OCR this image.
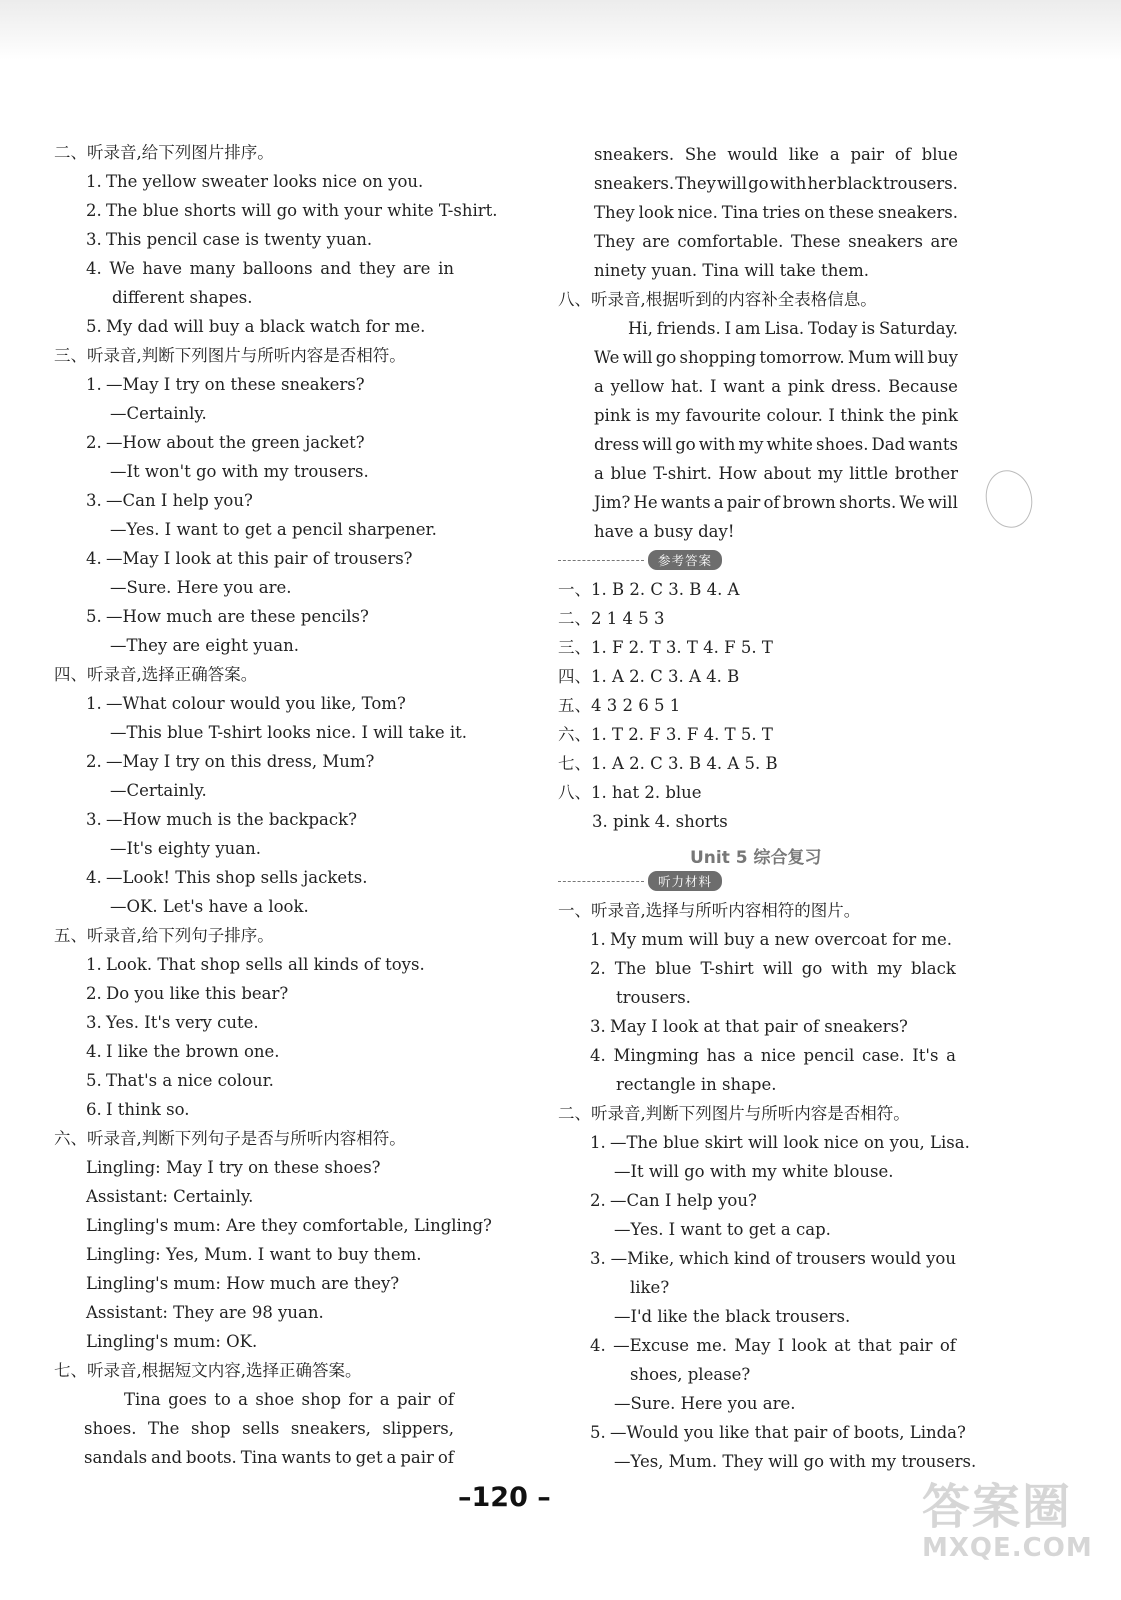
二、听录音,给下列图片排序。
1. The yellow sweater looks nice on you.
2. The blue shorts will go with your white T-shirt.
3. This pencil case is twenty yuan.
4. We have many balloons and they are in
different shapes.
5. My dad will buy a black watch for me.
三、听录音,判断下列图片与所听内容是否相符。
1. —May I try on these sneakers?
—Certainly.
2. —How about the green jacket?
—It won't go with my trousers.
3. —Can I help you?
—Yes. I want to get a pencil sharpener.
4. —May I look at this pair of trousers?
—Sure. Here you are.
5. —How much are these pencils?
—They are eight yuan.
四、听录音,选择正确答案。
1. —What colour would you like, Tom?
—This blue T-shirt looks nice. I will take it.
2. —May I try on this dress, Mum?
—Certainly.
3. —How much is the backpack?
—It's eighty yuan.
4. —Look! This shop sells jackets.
—OK. Let's have a look.
五、听录音,给下列句子排序。
1. Look. That shop sells all kinds of toys.
2. Do you like this bear?
3. Yes. It's very cute.
4. I like the brown one.
5. That's a nice colour.
6. I think so.
六、听录音,判断下列句子是否与所听内容相符。
Lingling: May I try on these shoes?
Assistant: Certainly.
Lingling's mum: Are they comfortable, Lingling?
Lingling: Yes, Mum. I want to buy them.
Lingling's mum: How much are they?
Assistant: They are 98 yuan.
Lingling's mum: OK.
七、听录音,根据短文内容,选择正确答案。
Tina goes to a shoe shop for a pair of
shoes. The shop sells sneakers, slippers,
sandals and boots. Tina wants to get a pair of
sneakers. She would like a pair of blue
sneakers. They will go with her black trousers.
They look nice. Tina tries on these sneakers.
They are comfortable. These sneakers are
ninety yuan. Tina will take them.
八、听录音,根据听到的内容补全表格信息。
Hi, friends. I am Lisa. Today is Saturday.
We will go shopping tomorrow. Mum will buy
a yellow hat. I want a pink dress. Because
pink is my favourite colour. I think the pink
dress will go with my white shoes. Dad wants
a blue T-shirt. How about my little brother
Jim? He wants a pair of brown shorts. We will
have a busy day!
参考答案
一、1. B 2. C 3. B 4. A
二、2 1 4 5 3
三、1. F 2. T 3. T 4. F 5. T
四、1. A 2. C 3. A 4. B
五、4 3 2 6 5 1
六、1. T 2. F 3. F 4. T 5. T
七、1. A 2. C 3. B 4. A 5. B
八、1. hat 2. blue
3. pink 4. shorts
Unit 5 综合复习
听力材料
一、听录音,选择与所听内容相符的图片。
1. My mum will buy a new overcoat for me.
2. The blue T-shirt will go with my black
trousers.
3. May I look at that pair of sneakers?
4. Mingming has a nice pencil case. It's a
rectangle in shape.
二、听录音,判断下列图片与所听内容是否相符。
1. —The blue skirt will look nice on you, Lisa.
—It will go with my white blouse.
2. —Can I help you?
—Yes. I want to get a cap.
3. —Mike, which kind of trousers would you
like?
—I'd like the black trousers.
4. —Excuse me. May I look at that pair of
shoes, please?
—Sure. Here you are.
5. —Would you like that pair of boots, Linda?
—Yes, Mum. They will go with my trousers.
–120 –	答案圈
MXQE.COM
